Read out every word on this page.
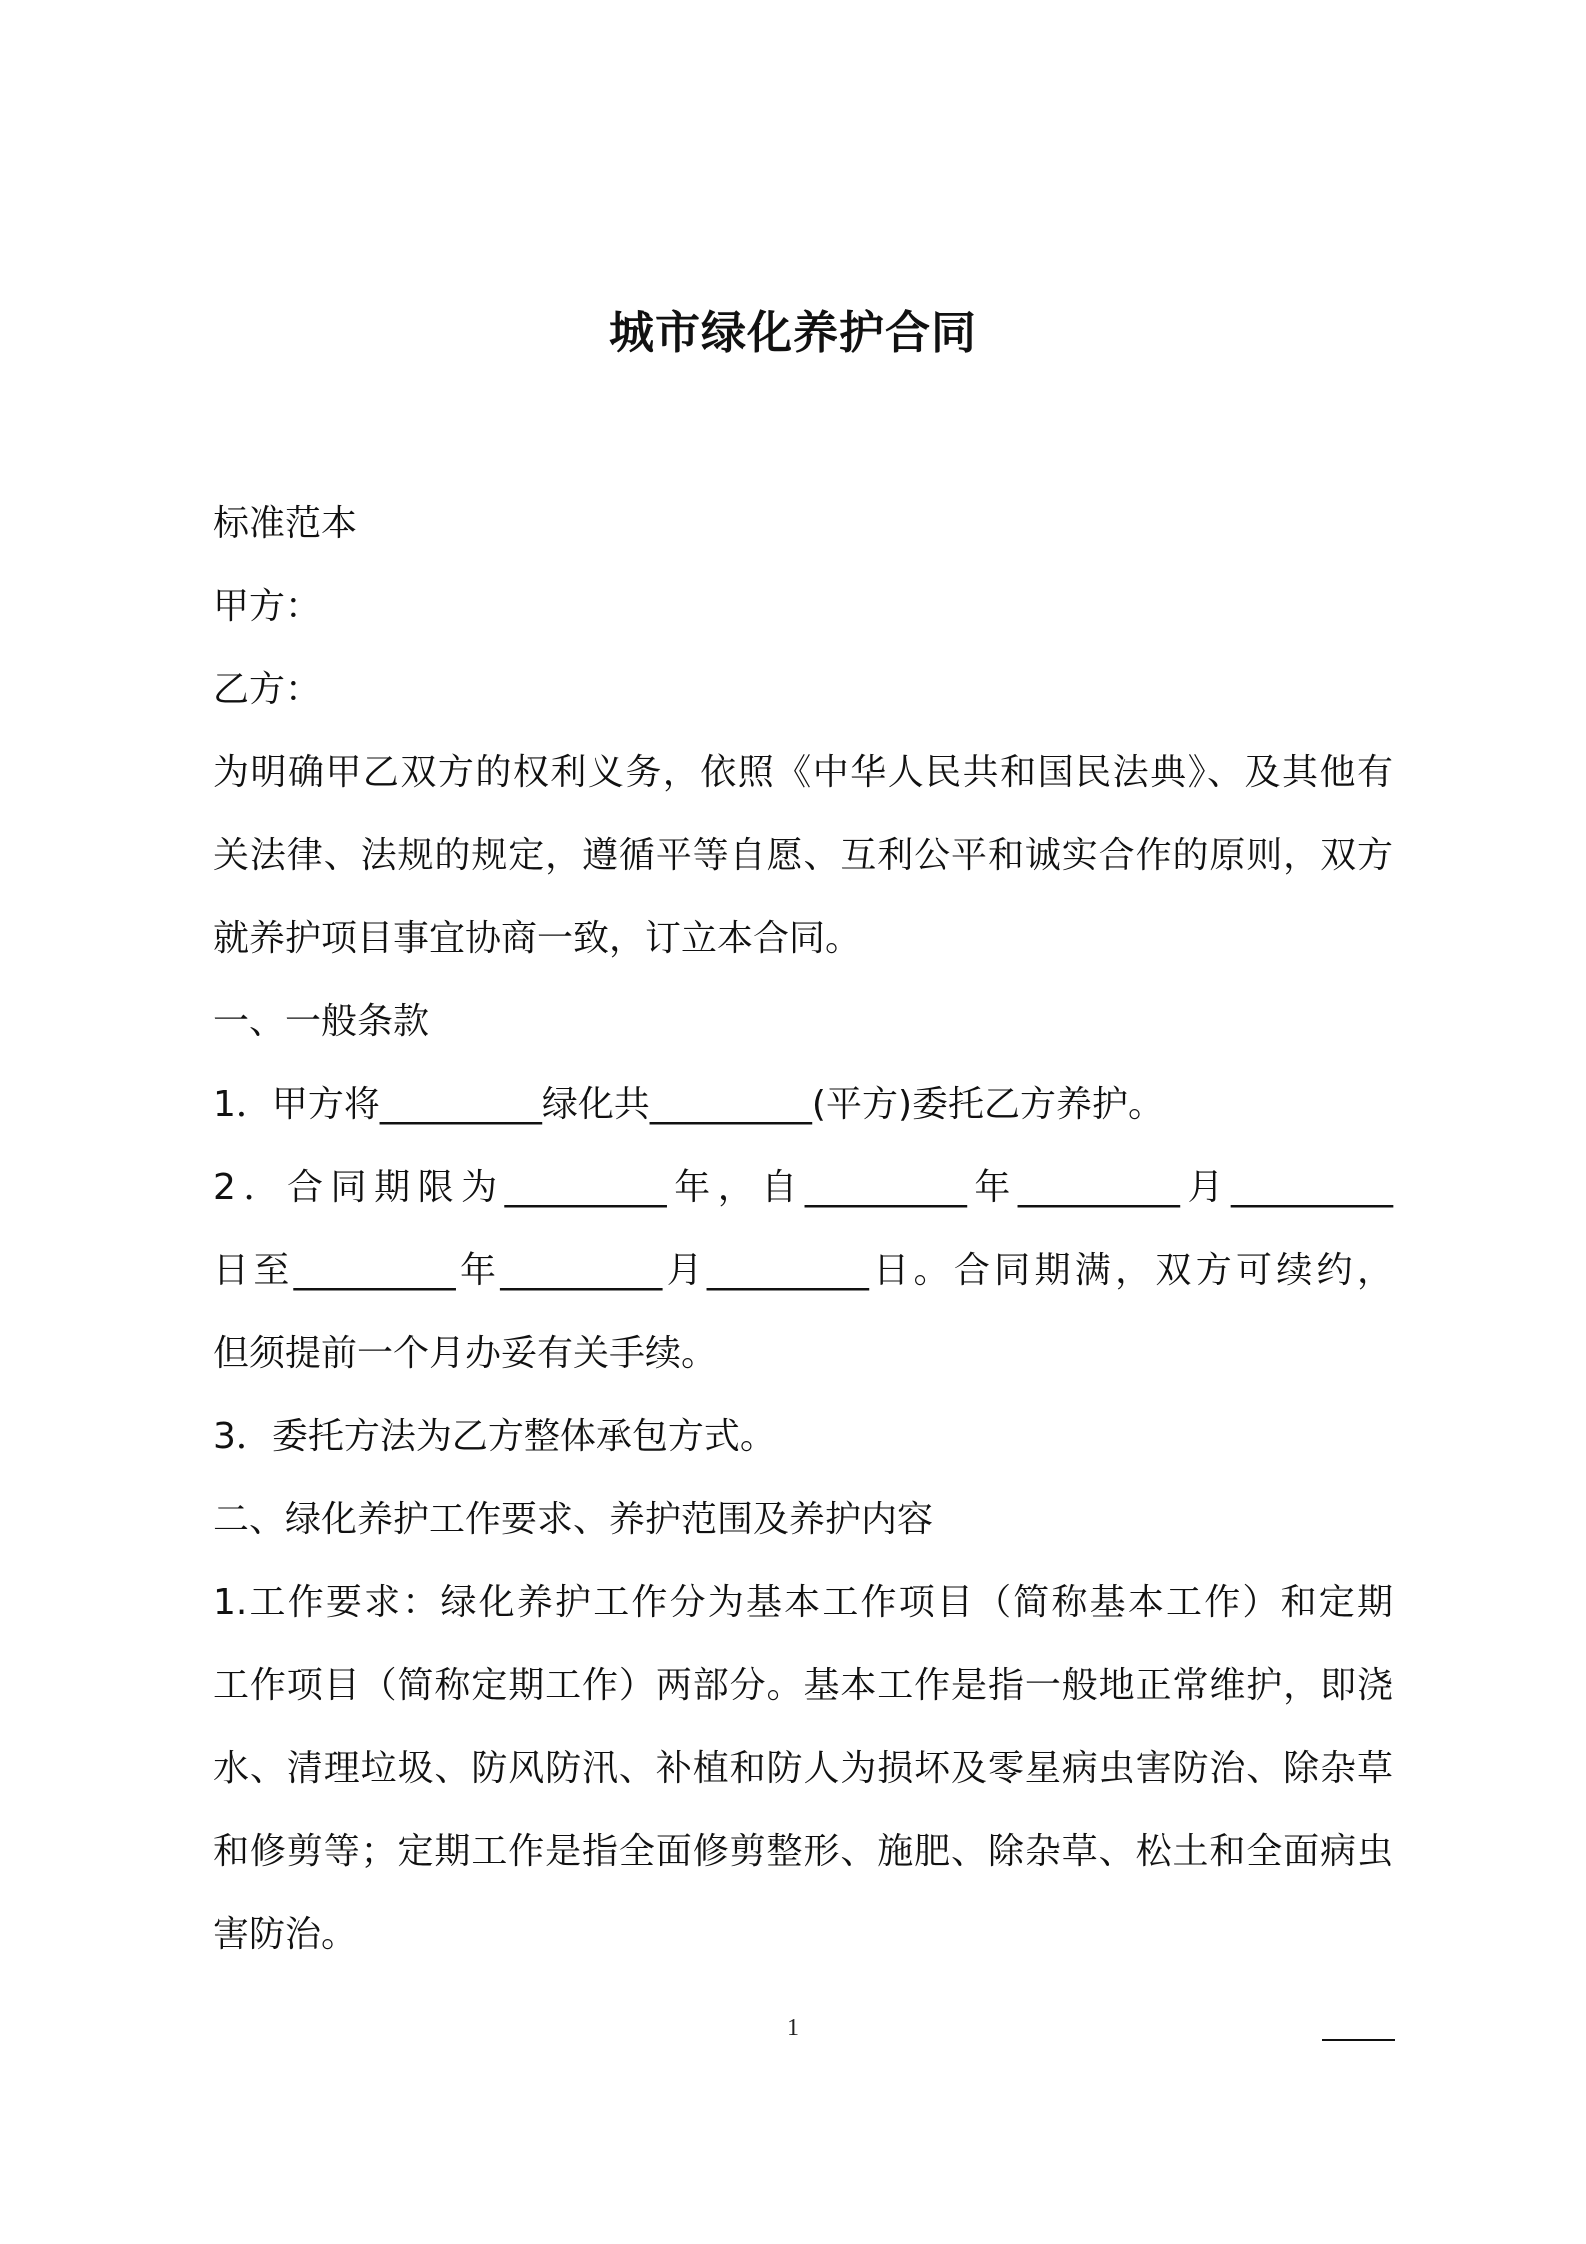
城市绿化养护合同

标准范本

甲方：

乙方：

为明确甲乙双方的权利义务，依照《中华人民共和国民法典》、及其他有

关法律、法规的规定，遵循平等自愿、互利公平和诚实合作的原则，双方

就养护项目事宜协商一致，订立本合同。

一、一般条款

1．甲方将_________绿化共_________(平方)委托乙方养护。

2．合同期限为_________年，自_________年_________月_________

日至_________年_________月_________日。合同期满，双方可续约，

但须提前一个月办妥有关手续。

3．委托方法为乙方整体承包方式。

二、绿化养护工作要求、养护范围及养护内容

1.工作要求：绿化养护工作分为基本工作项目（简称基本工作）和定期

工作项目（简称定期工作）两部分。基本工作是指一般地正常维护，即浇

水、清理垃圾、防风防汛、补植和防人为损坏及零星病虫害防治、除杂草

和修剪等；定期工作是指全面修剪整形、施肥、除杂草、松土和全面病虫

害防治。

1
